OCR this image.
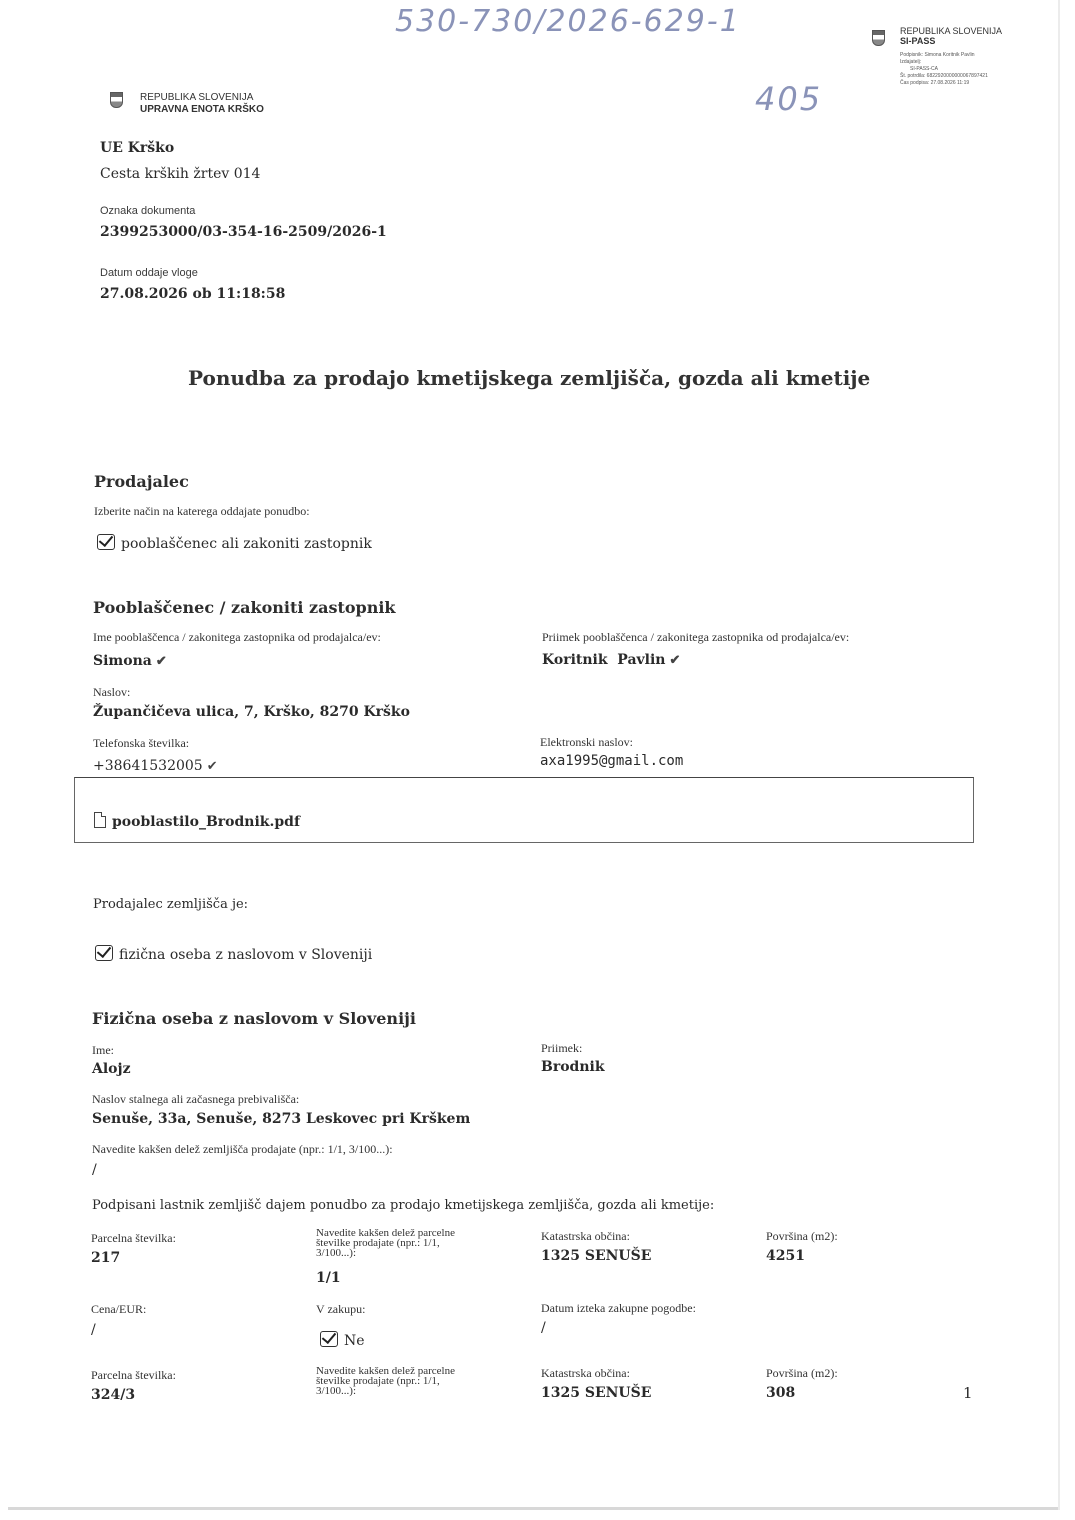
530-730/2026-629-1
405
REPUBLIKA SLOVENIJA
SI-PASS
Podpisnik: Simona Koritnik Pavlin
Izdajatelj:
SI-PASS-CA
Št. potrdila: 6822920000000067897421
Čas podpisa: 27.08.2026 11:19
REPUBLIKA SLOVENIJA
UPRAVNA ENOTA KRŠKO
UE Krško
Cesta krških žrtev 014
Oznaka dokumenta
2399253000/03-354-16-2509/2026-1
Datum oddaje vloge
27.08.2026 ob 11:18:58
Ponudba za prodajo kmetijskega zemljišča, gozda ali kmetije
Prodajalec
Izberite način na katerega oddajate ponudbo:
pooblaščenec ali zakoniti zastopnik
Pooblaščenec / zakoniti zastopnik
Ime pooblaščenca / zakonitega zastopnika od prodajalca/ev:
Simona ✔
Priimek pooblaščenca / zakonitega zastopnika od prodajalca/ev:
Koritnik  Pavlin ✔
Naslov:
Župančičeva ulica, 7, Krško, 8270 Krško
Telefonska številka:
+38641532005 ✔
Elektronski naslov:
axa1995@gmail.com
pooblastilo_Brodnik.pdf
Prodajalec zemljišča je:
fizična oseba z naslovom v Sloveniji
Fizična oseba z naslovom v Sloveniji
Ime:
Alojz
Priimek:
Brodnik
Naslov stalnega ali začasnega prebivališča:
Senuše, 33a, Senuše, 8273 Leskovec pri Krškem
Navedite kakšen delež zemljišča prodajate (npr.: 1/1, 3/100...):
/
Podpisani lastnik zemljišč dajem ponudbo za prodajo kmetijskega zemljišča, gozda ali kmetije:
Parcelna številka:
217
Navedite kakšen delež parcelne
številke prodajate (npr.: 1/1,
3/100...):
1/1
Katastrska občina:
1325 SENUŠE
Površina (m2):
4251
Cena/EUR:
/
V zakupu:
Ne
Datum izteka zakupne pogodbe:
/
Parcelna številka:
324/3
Navedite kakšen delež parcelne
številke prodajate (npr.: 1/1,
3/100...):
Katastrska občina:
1325 SENUŠE
Površina (m2):
308	1
